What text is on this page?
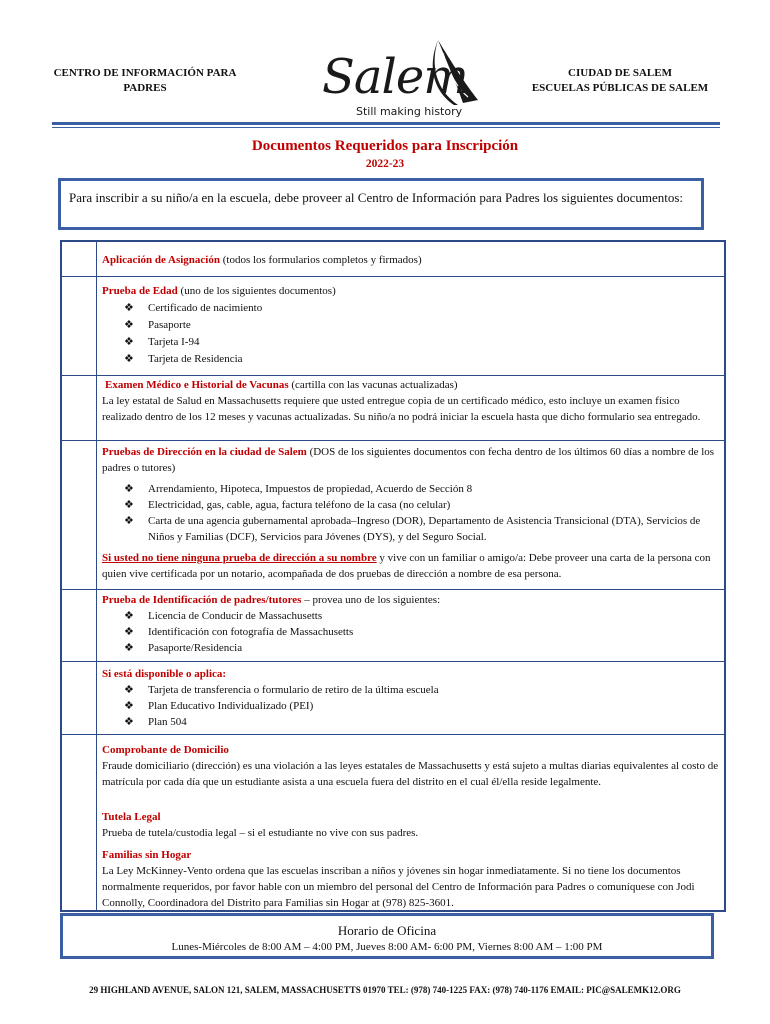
CENTRO DE INFORMACIÓN PARA
PADRES	Salem
Still making history
CIUDAD DE SALEM
ESCUELAS PÚBLICAS DE SALEM
Documentos Requeridos para Inscripción
2022-23
Para inscribir a su niño/a en la escuela, debe proveer al Centro de Información para Padres los siguientes documentos:
Aplicación de Asignación (todos los formularios completos y firmados)
Prueba de Edad (uno de los siguientes documentos)
❖ Certificado de nacimiento
❖ Pasaporte
❖ Tarjeta I-94
❖ Tarjeta de Residencia
Examen Médico e Historial de Vacunas (cartilla con las vacunas actualizadas)
La ley estatal de Salud en Massachusetts requiere que usted entregue copia de un certificado médico, esto incluye un examen físico realizado dentro de los 12 meses y vacunas actualizadas. Su niño/a no podrá iniciar la escuela hasta que dicho formulario sea entregado.
Pruebas de Dirección en la ciudad de Salem (DOS de los siguientes documentos con fecha dentro de los últimos 60 días a nombre de los padres o tutores)
❖ Arrendamiento, Hipoteca, Impuestos de propiedad, Acuerdo de Sección 8
❖ Electricidad, gas, cable, agua, factura teléfono de la casa (no celular)
❖ Carta de una agencia gubernamental aprobada–Ingreso (DOR), Departamento de Asistencia Transicional (DTA), Servicios de Niños y Familias (DCF), Servicios para Jóvenes (DYS), y del Seguro Social.
Si usted no tiene ninguna prueba de dirección a su nombre y vive con un familiar o amigo/a: Debe proveer una carta de la persona con quien vive certificada por un notario, acompañada de dos pruebas de dirección a nombre de esa persona.
Prueba de Identificación de padres/tutores – provea uno de los siguientes:
❖ Licencia de Conducir de Massachusetts
❖ Identificación con fotografía de Massachusetts
❖ Pasaporte/Residencia
Si está disponible o aplica:
❖ Tarjeta de transferencia o formulario de retiro de la última escuela
❖ Plan Educativo Individualizado (PEI)
❖ Plan 504
Comprobante de Domicilio
Fraude domiciliario (dirección) es una violación a las leyes estatales de Massachusetts y está sujeto a multas diarias equivalentes al costo de matrícula por cada día que un estudiante asista a una escuela fuera del distrito en el cual él/ella reside legalmente.
Tutela Legal
Prueba de tutela/custodia legal – si el estudiante no vive con sus padres.
Familias sin Hogar
La Ley McKinney-Vento ordena que las escuelas inscriban a niños y jóvenes sin hogar inmediatamente. Si no tiene los documentos normalmente requeridos, por favor hable con un miembro del personal del Centro de Información para Padres o comuníquese con Jodi Connolly, Coordinadora del Distrito para Familias sin Hogar at (978) 825-3601.
Horario de Oficina
Lunes-Miércoles de 8:00 AM – 4:00 PM, Jueves 8:00 AM- 6:00 PM, Viernes 8:00 AM – 1:00 PM
29 HIGHLAND AVENUE, SALON 121, SALEM, MASSACHUSETTS 01970 TEL: (978) 740-1225 FAX: (978) 740-1176 EMAIL: PIC@SALEMK12.ORG
